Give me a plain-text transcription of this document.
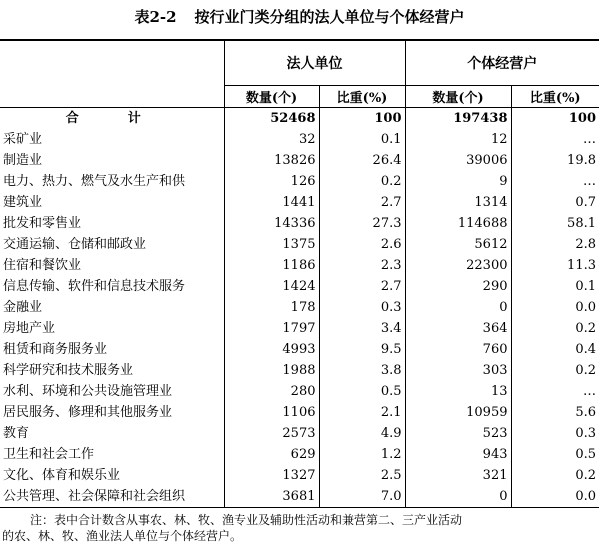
表2-2 按行业门类分组的法人单位与个体经营户
	法人单位		个体经营户	
	数量(个)	比重(%)	数量(个)	比重(%)
合　计	52468	100	197438	100
采矿业	32	0.1	12	…
制造业	13826	26.4	39006	19.8
电力、热力、燃气及水生产和供	126	0.2	9	…
建筑业	1441	2.7	1314	0.7
批发和零售业	14336	27.3	114688	58.1
交通运输、仓储和邮政业	1375	2.6	5612	2.8
住宿和餐饮业	1186	2.3	22300	11.3
信息传输、软件和信息技术服务	1424	2.7	290	0.1
金融业	178	0.3	0	0.0
房地产业	1797	3.4	364	0.2
租赁和商务服务业	4993	9.5	760	0.4
科学研究和技术服务业	1988	3.8	303	0.2
水利、环境和公共设施管理业	280	0.5	13	…
居民服务、修理和其他服务业	1106	2.1	10959	5.6
教育	2573	4.9	523	0.3
卫生和社会工作	629	1.2	943	0.5
文化、体育和娱乐业	1327	2.5	321	0.2
公共管理、社会保障和社会组织	3681	7.0	0	0.0
注：表中合计数含从事农、林、牧、渔专业及辅助性活动和兼营第二、三产业活动
的农、林、牧、渔业法人单位与个体经营户。
